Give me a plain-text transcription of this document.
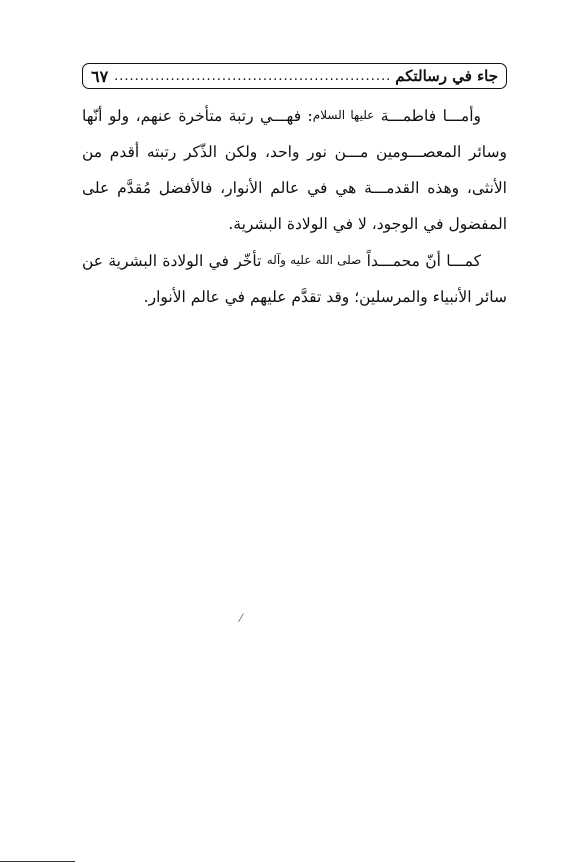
جاء في رسالتكم
......................................................
٦٧

وأمـــا فاطمـــة عليها السلام: فهـــي رتبة متأخرة عنهم، ولو أنّها وسائر المعصـــومين مـــن نور واحد، ولكن الذّكر رتبته أقدم من الأنثى، وهذه القدمـــة هي في عالم الأنوار، فالأفضل مُقدَّم على المفضول في الوجود، لا في الولادة البشرية.

كمـــا أنّ محمـــداً صلى الله عليه وآله تأخّر في الولادة البشرية عن سائر الأنبياء والمرسلين؛ وقد تقدَّم عليهم في عالم الأنوار.

⁄
